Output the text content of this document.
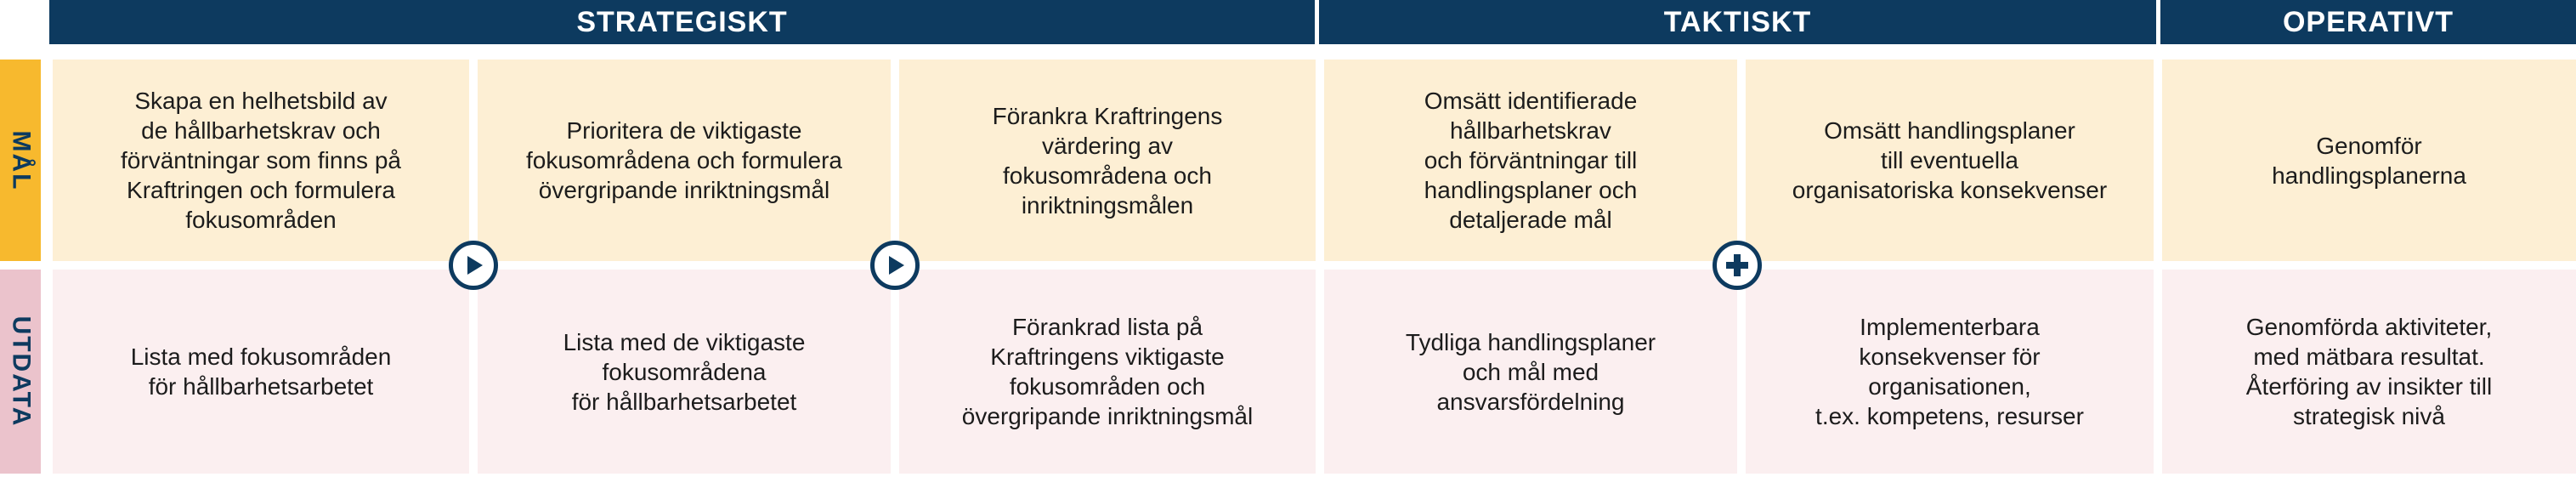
STRATEGISKT	TAKTISKT	OPERATIVT
MÅL
UTDATA
Skapa en helhetsbild av
de hållbarhetskrav och
förväntningar som finns på
Kraftringen och formulera
fokusområden
Prioritera de viktigaste
fokusområdena och formulera
övergripande inriktningsmål
Förankra Kraftringens
värdering av
fokusområdena och
inriktningsmålen
Omsätt identifierade
hållbarhetskrav
och förväntningar till
handlingsplaner och
detaljerade mål
Omsätt handlingsplaner
till eventuella
organisatoriska konsekvenser
Genomför
handlingsplanerna
Lista med fokusområden
för hållbarhetsarbetet
Lista med de viktigaste
fokusområdena
för hållbarhetsarbetet
Förankrad lista på
Kraftringens viktigaste
fokusområden och
övergripande inriktningsmål
Tydliga handlingsplaner
och mål med
ansvarsfördelning
Implementerbara
konsekvenser för
organisationen,
t.ex. kompetens, resurser
Genomförda aktiviteter,
med mätbara resultat.
Återföring av insikter till
strategisk nivå
